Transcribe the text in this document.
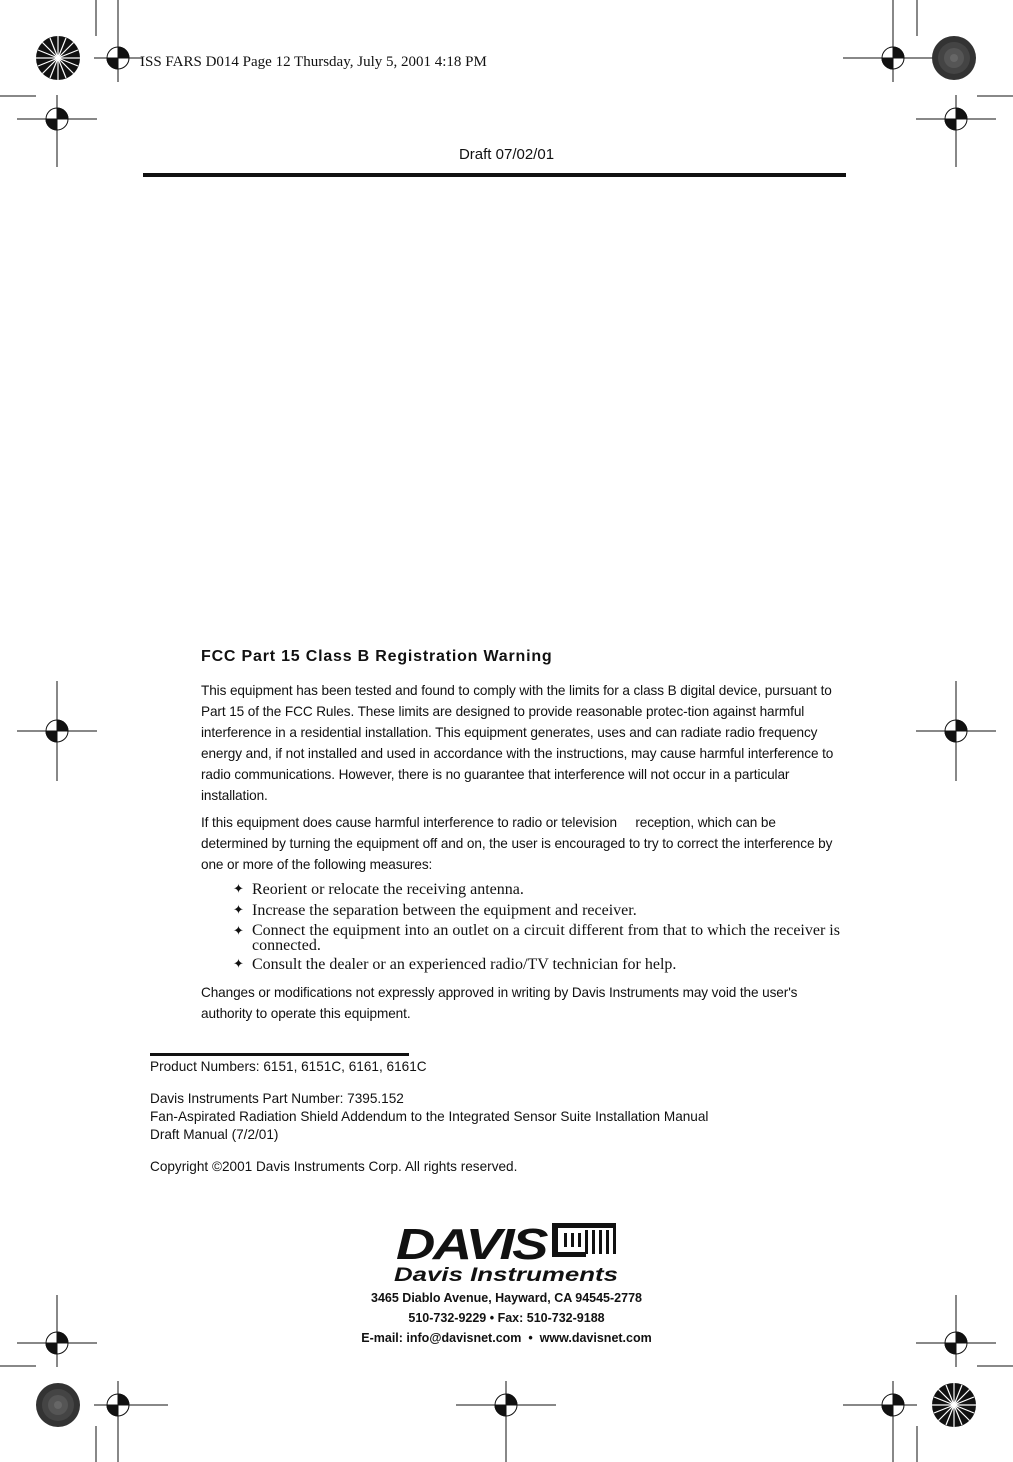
ISS FARS D014 Page 12 Thursday, July 5, 2001 4:18 PM
Draft 07/02/01
FCC Part 15 Class B Registration Warning

This equipment has been tested and found to comply with the limits for a class B digital device, pursuant to Part 15 of the FCC Rules. These limits are designed to provide reasonable protec-tion against harmful interference in a residential installation. This equipment generates, uses and can radiate radio frequency energy and, if not installed and used in accordance with the instructions, may cause harmful interference to radio communications. However, there is no guarantee that interference will not occur in a particular installation.

If this equipment does cause harmful interference to radio or television     reception, which can be determined by turning the equipment off and on, the user is encouraged to try to correct the interference by one or more of the following measures:

✦ Reorient or relocate the receiving antenna.
✦ Increase the separation between the equipment and receiver.
✦ Connect the equipment into an outlet on a circuit different from that to which the receiver is connected.
✦ Consult the dealer or an experienced radio/TV technician for help.

Changes or modifications not expressly approved in writing by Davis Instruments may void the user's authority to operate this equipment.

Product Numbers: 6151, 6151C, 6161, 6161C

Davis Instruments Part Number: 7395.152

Fan-Aspirated Radiation Shield Addendum to the Integrated Sensor Suite Installation Manual

Draft Manual (7/2/01)

Copyright ©2001 Davis Instruments Corp. All rights reserved.

DAVIS
Davis Instruments

3465 Diablo Avenue, Hayward, CA 94545-2778

510-732-9229 • Fax: 510-732-9188

E-mail: info@davisnet.com  •  www.davisnet.com
